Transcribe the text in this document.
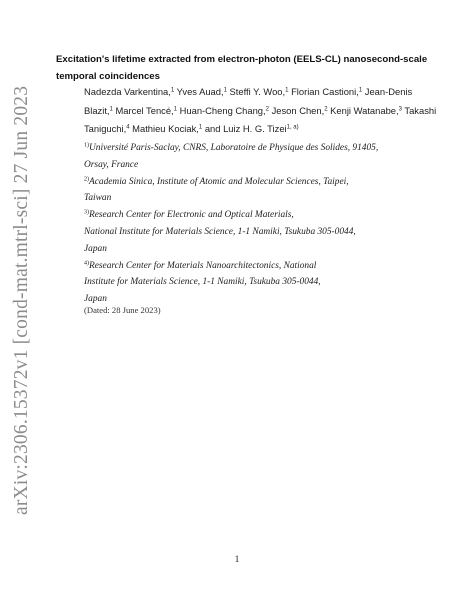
arXiv:2306.15372v1 [cond-mat.mtrl-sci] 27 Jun 2023
Excitation's lifetime extracted from electron-photon (EELS-CL) nanosecond-scale
temporal coincidences
Nadezda Varkentina,$^1$ Yves Auad,$^1$ Steffi Y. Woo,$^1$ Florian Castioni,$^1$ Jean-Denis
Blazit,$^1$ Marcel Tencé,$^1$ Huan-Cheng Chang,$^2$ Jeson Chen,$^2$ Kenji Watanabe,$^3$ Takashi
Taniguchi,$^4$ Mathieu Kociak,$^1$ and Luiz H. G. Tizei$^{1, a)}$
$^{1)}$Université Paris-Saclay, CNRS, Laboratoire de Physique des Solides, 91405,
Orsay, France
$^{2)}$Academia Sinica, Institute of Atomic and Molecular Sciences, Taipei,
Taiwan
$^{3)}$Research Center for Electronic and Optical Materials,
National Institute for Materials Science, 1-1 Namiki, Tsukuba 305-0044,
Japan
$^{4)}$Research Center for Materials Nanoarchitectonics, National
Institute for Materials Science, 1-1 Namiki, Tsukuba 305-0044,
Japan
(Dated: 28 June 2023)
1
